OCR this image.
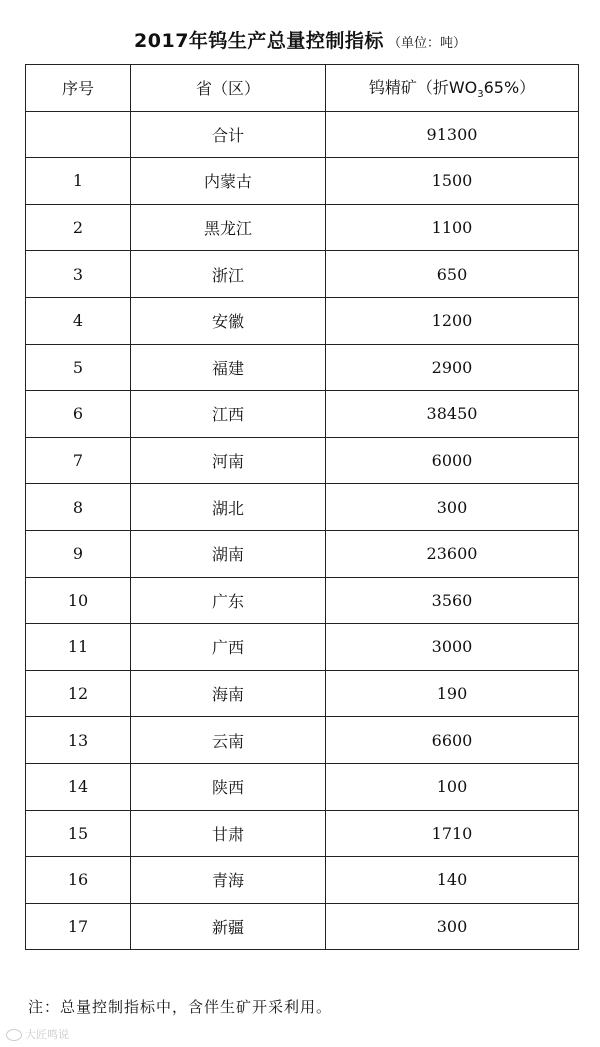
2017年钨生产总量控制指标 （单位：吨）
序号	省（区）	钨精矿（折$WO_365\%$）
	合计	91300
1	内蒙古	1500
2	黑龙江	1100
3	浙江	650
4	安徽	1200
5	福建	2900
6	江西	38450
7	河南	6000
8	湖北	300
9	湖南	23600
10	广东	3560
11	广西	3000
12	海南	190
13	云南	6600
14	陕西	100
15	甘肃	1710
16	青海	140
17	新疆	300
注：总量控制指标中，含伴生矿开采利用。
大匠鸣说
